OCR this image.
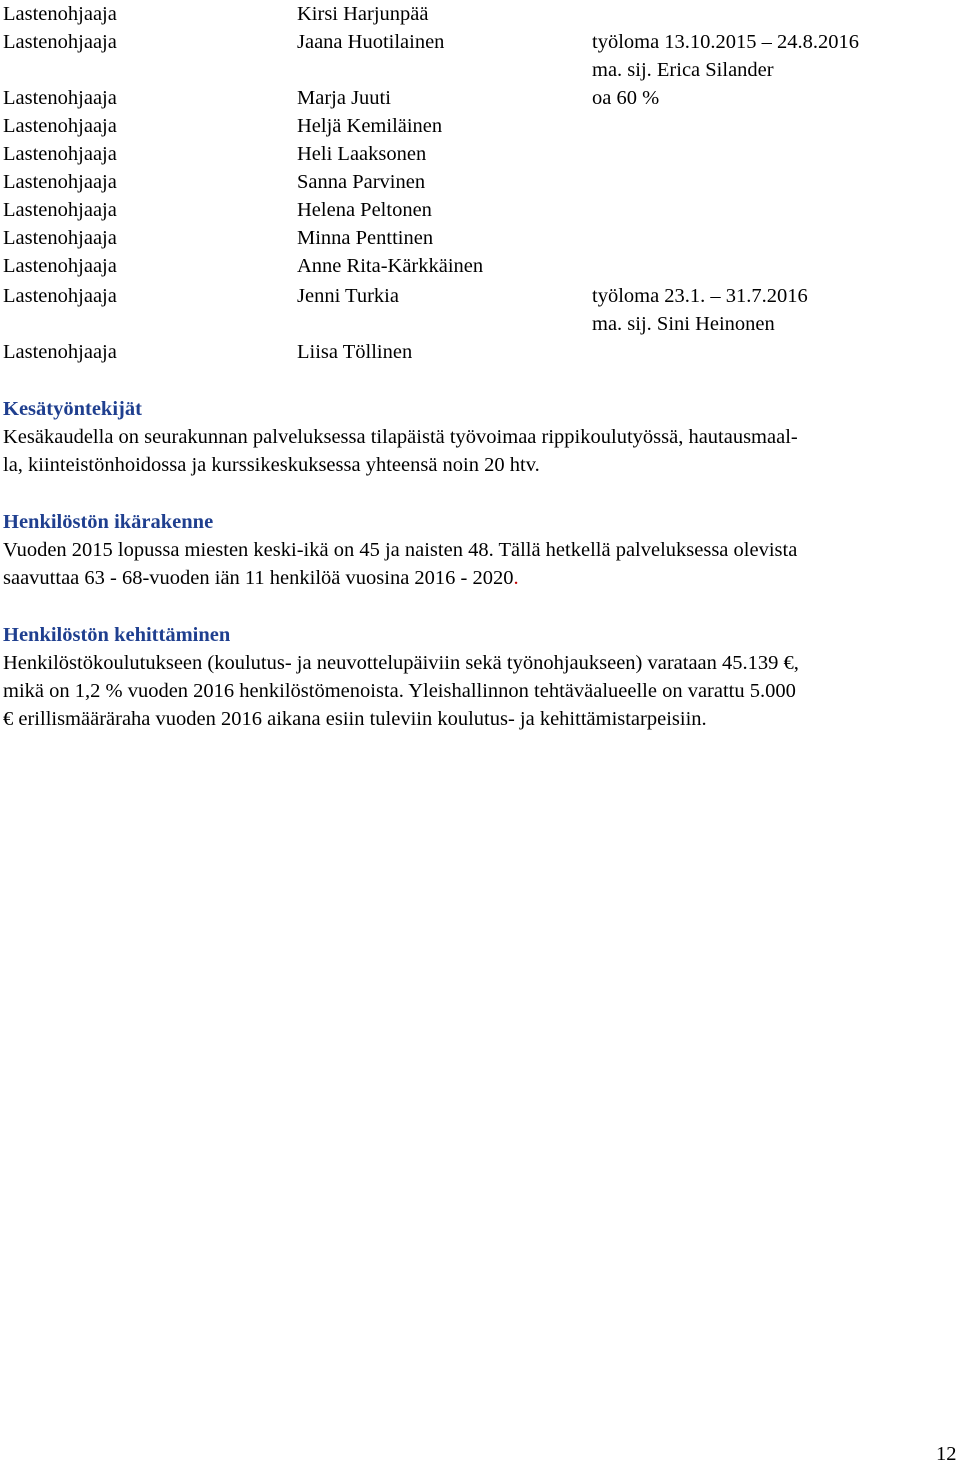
Lastenohjaaja	Kirsi Harjunpää
Lastenohjaaja	Jaana Huotilainen	työloma 13.10.2015 – 24.8.2016
ma. sij. Erica Silander
Lastenohjaaja	Marja Juuti	oa 60 %
Lastenohjaaja	Heljä Kemiläinen
Lastenohjaaja	Heli Laaksonen
Lastenohjaaja	Sanna Parvinen
Lastenohjaaja	Helena Peltonen
Lastenohjaaja	Minna Penttinen
Lastenohjaaja	Anne Rita-Kärkkäinen
Lastenohjaaja	Jenni Turkia	työloma 23.1. – 31.7.2016
ma. sij. Sini Heinonen
Lastenohjaaja	Liisa Töllinen
Kesätyöntekijät
Kesäkaudella on seurakunnan palveluksessa tilapäistä työvoimaa rippikoulutyössä, hautausmaal-
la, kiinteistönhoidossa ja kurssikeskuksessa yhteensä noin 20 htv.
Henkilöstön ikärakenne
Vuoden 2015 lopussa miesten keski-ikä on 45 ja naisten 48. Tällä hetkellä palveluksessa olevista
saavuttaa 63 - 68-vuoden iän 11 henkilöä vuosina 2016 - 2020.
Henkilöstön kehittäminen
Henkilöstökoulutukseen (koulutus- ja neuvottelupäiviin sekä työnohjaukseen) varataan 45.139 €,
mikä on 1,2 % vuoden 2016 henkilöstömenoista. Yleishallinnon tehtäväalueelle on varattu 5.000
€ erillismääräraha vuoden 2016 aikana esiin tuleviin koulutus- ja kehittämistarpeisiin.
12
